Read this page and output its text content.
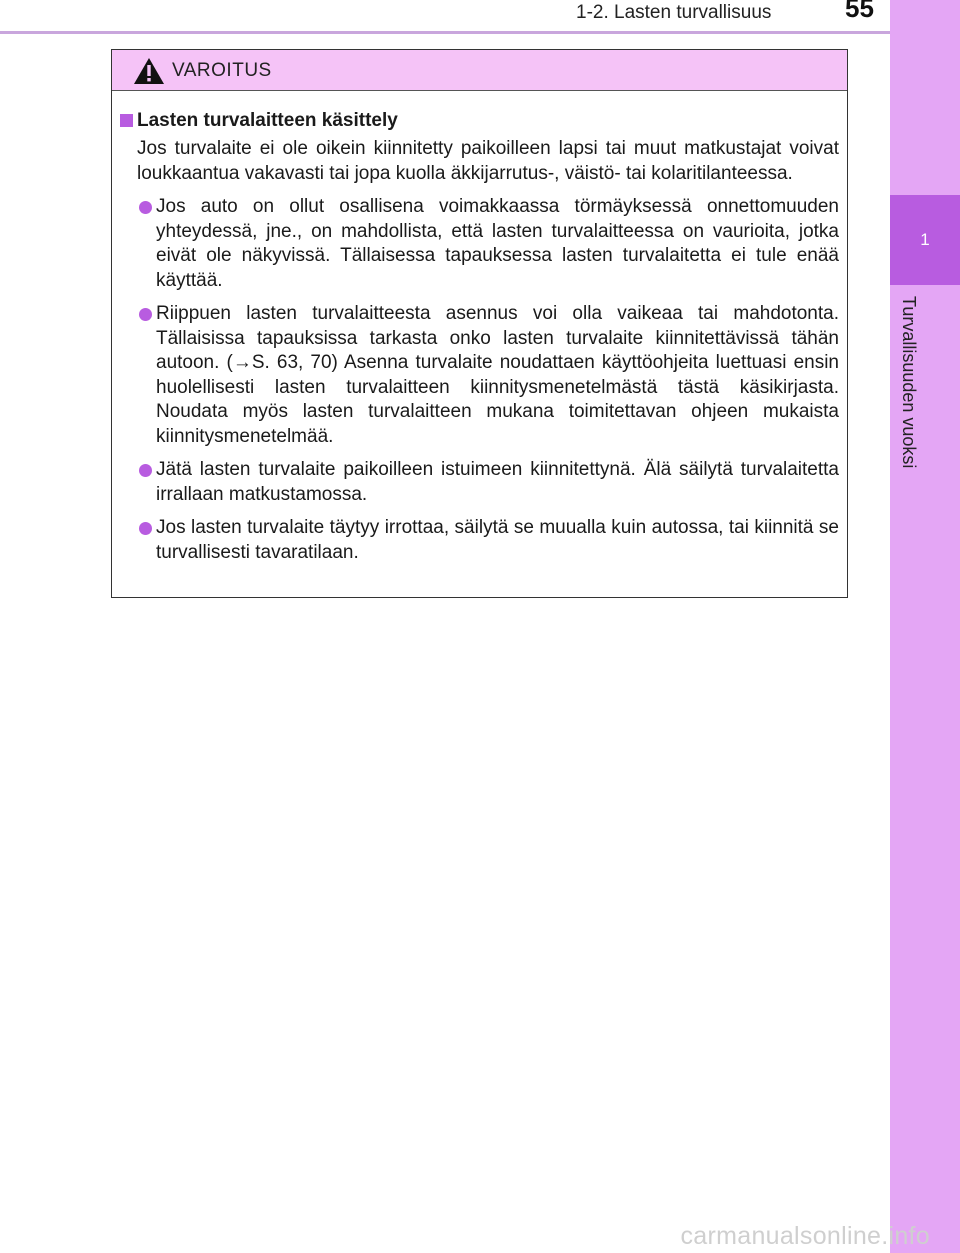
1-2. Lasten turvallisuus	55
1
Turvallisuuden vuoksi
VAROITUS
Lasten turvalaitteen käsittely
Jos turvalaite ei ole oikein kiinnitetty paikoilleen lapsi tai muut matkustajat voivat loukkaantua vakavasti tai jopa kuolla äkkijarrutus-, väistö- tai kolaritilanteessa.
Jos auto on ollut osallisena voimakkaassa törmäyksessä onnettomuuden yhteydessä, jne., on mahdollista, että lasten turvalaitteessa on vaurioita, jotka eivät ole näkyvissä. Tällaisessa tapauksessa lasten turvalaitetta ei tule enää käyttää.
Riippuen lasten turvalaitteesta asennus voi olla vaikeaa tai mahdotonta. Tällaisissa tapauksissa tarkasta onko lasten turvalaite kiinnitettävissä tähän autoon. (→S. 63, 70) Asenna turvalaite noudattaen käyttöohjeita luettuasi ensin huolellisesti lasten turvalaitteen kiinnitysmenetelmästä tästä käsikirjasta. Noudata myös lasten turvalaitteen mukana toimitettavan ohjeen mukaista kiinnitysmenetelmää.
Jätä lasten turvalaite paikoilleen istuimeen kiinnitettynä. Älä säilytä turvalaitetta irrallaan matkustamossa.
Jos lasten turvalaite täytyy irrottaa, säilytä se muualla kuin autossa, tai kiinnitä se turvallisesti tavaratilaan.
carmanualsonline.info
